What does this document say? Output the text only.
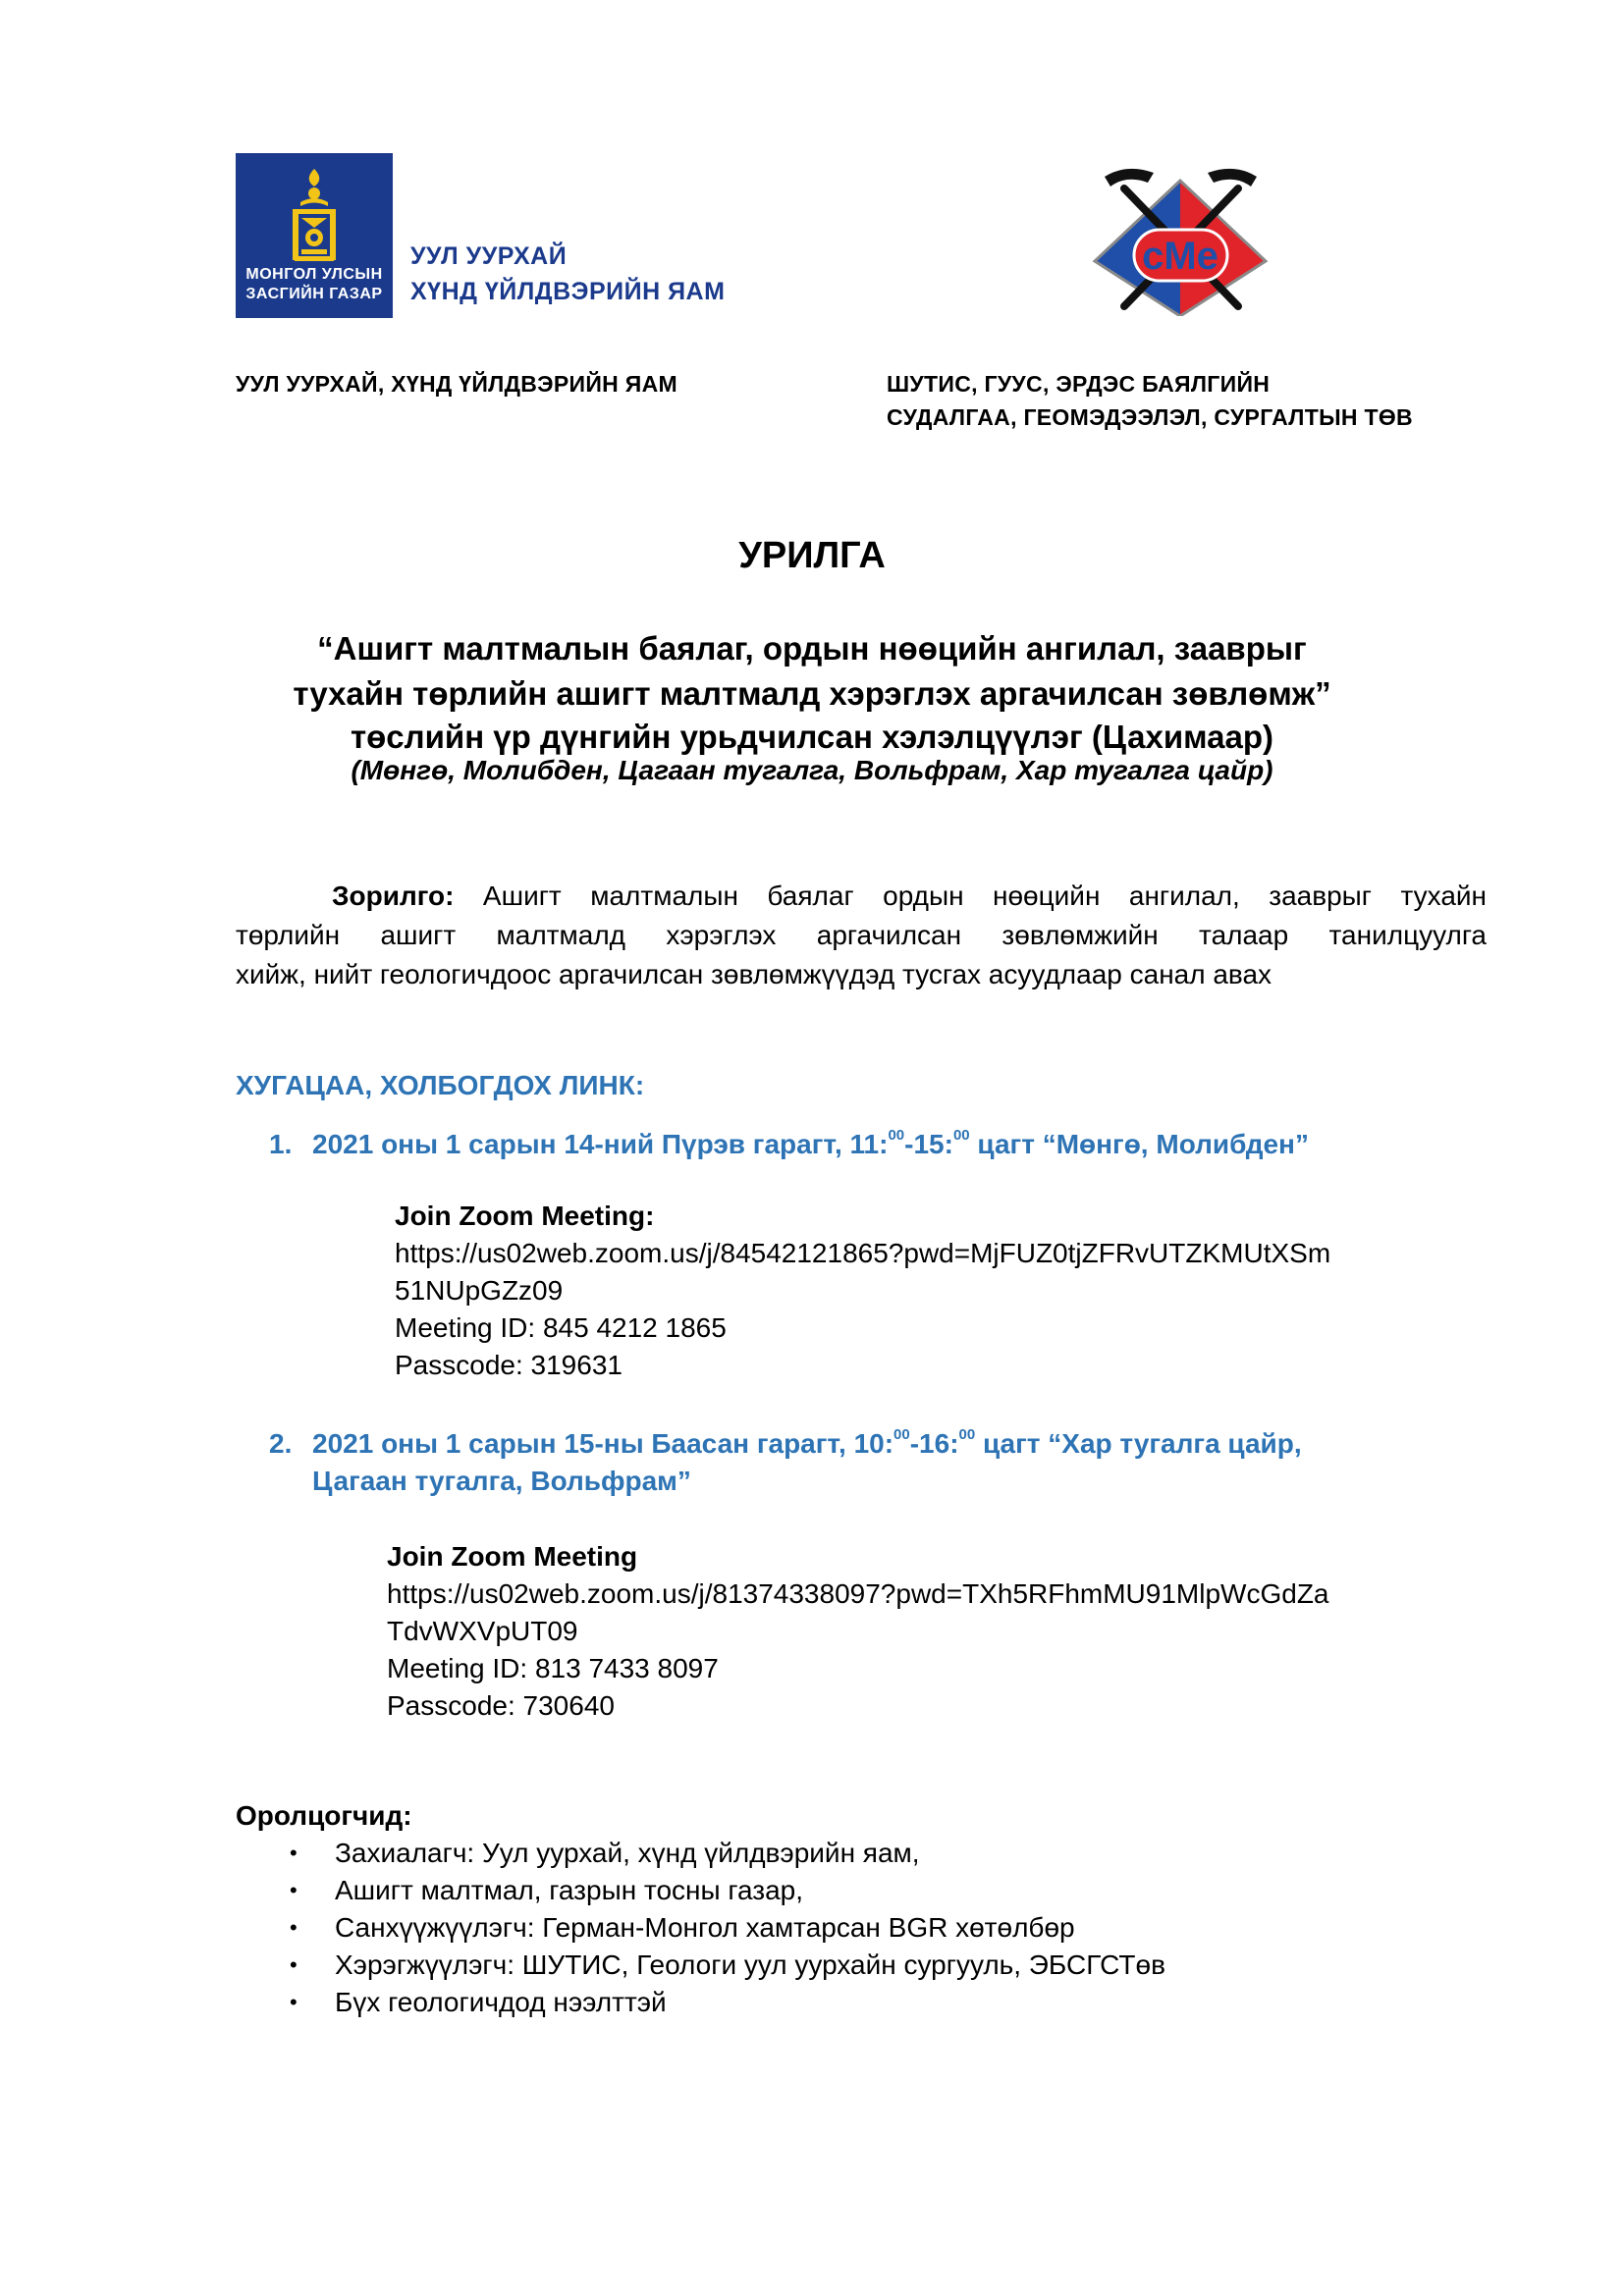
МОНГОЛ УЛСЫН
ЗАСГИЙН ГАЗАР
УУЛ УУРХАЙ
ХҮНД ҮЙЛДВЭРИЙН ЯАМ
cMe
УУЛ УУРХАЙ, ХҮНД ҮЙЛДВЭРИЙН ЯАМ	ШУТИС, ГУУС, ЭРДЭС БАЯЛГИЙН
СУДАЛГАА, ГЕОМЭДЭЭЛЭЛ, СУРГАЛТЫН ТӨВ
УРИЛГА
“Ашигт малтмалын баялаг, ордын нөөцийн ангилал, зааврыг
тухайн төрлийн ашигт малтмалд хэрэглэх аргачилсан зөвлөмж”
төслийн үр дүнгийн урьдчилсан хэлэлцүүлэг (Цахимаар)
(Мөнгө, Молибден, Цагаан тугалга, Вольфрам, Хар тугалга цайр)
Зорилго: Ашигт малтмалын баялаг ордын нөөцийн ангилал, зааврыг тухайн
төрлийн ашигт малтмалд хэрэглэх аргачилсан зөвлөмжийн талаар танилцуулга
хийж, нийт геологичдоос аргачилсан зөвлөмжүүдэд тусгах асуудлаар санал авах
ХУГАЦАА, ХОЛБОГДОХ ЛИНК:
1. 2021 оны 1 сарын 14-ний Пүрэв гарагт, 11:$^{00}$-15:$^{00}$ цагт “Мөнгө, Молибден”
Join Zoom Meeting:
https://us02web.zoom.us/j/84542121865?pwd=MjFUZ0tjZFRvUTZKMUtXSm
51NUpGZz09
Meeting ID: 845 4212 1865
Passcode: 319631
2. 2021 оны 1 сарын 15-ны Баасан гарагт, 10:$^{00}$-16:$^{00}$ цагт “Хар тугалга цайр,
Цагаан тугалга, Вольфрам”
Join Zoom Meeting
https://us02web.zoom.us/j/81374338097?pwd=TXh5RFhmMU91MlpWcGdZa
TdvWXVpUT09
Meeting ID: 813 7433 8097
Passcode: 730640
Оролцогчид:
• Захиалагч: Уул уурхай, хүнд үйлдвэрийн яам,
• Ашигт малтмал, газрын тосны газар,
• Санхүүжүүлэгч: Герман-Монгол хамтарсан BGR хөтөлбөр
• Хэрэгжүүлэгч: ШУТИС, Геологи уул уурхайн сургууль, ЭБСГСТөв
• Бүх геологичдод нээлттэй
